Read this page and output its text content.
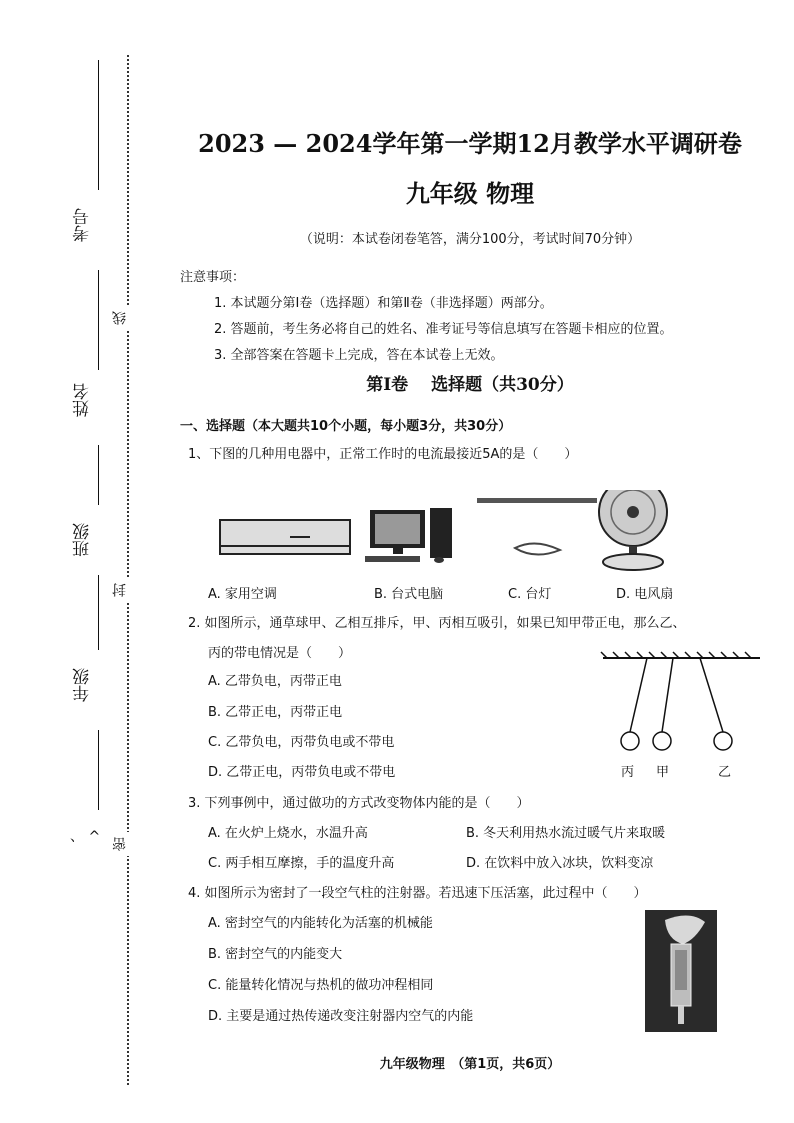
考号
姓名
班级
年级
、 ^
线
封
密
2023 — 2024学年第一学期12月教学水平调研卷
九年级 物理
（说明：本试卷闭卷笔答，满分100分，考试时间70分钟）
注意事项：
1. 本试题分第Ⅰ卷（选择题）和第Ⅱ卷（非选择题）两部分。
2. 答题前，考生务必将自己的姓名、准考证号等信息填写在答题卡相应的位置。
3. 全部答案在答题卡上完成，答在本试卷上无效。
第Ⅰ卷　 选择题（共30分）
一、选择题（本大题共10个小题，每小题3分，共30分）
1、下图的几种用电器中，正常工作时的电流最接近5A的是（　　）
A. 家用空调	B. 台式电脑	C. 台灯	D. 电风扇
2. 如图所示，通草球甲、乙相互排斥，甲、丙相互吸引，如果已知甲带正电，那么乙、
丙的带电情况是（　　）
A. 乙带负电，丙带正电
B. 乙带正电，丙带正电
C. 乙带负电，丙带负电或不带电
D. 乙带正电，丙带负电或不带电	丙 甲	乙
3. 下列事例中，通过做功的方式改变物体内能的是（　　）
A. 在火炉上烧水，水温升高	B. 冬天利用热水流过暖气片来取暖
C. 两手相互摩擦，手的温度升高	D. 在饮料中放入冰块，饮料变凉
4. 如图所示为密封了一段空气柱的注射器。若迅速下压活塞，此过程中（　　）
A. 密封空气的内能转化为活塞的机械能
B. 密封空气的内能变大
C. 能量转化情况与热机的做功冲程相同
D. 主要是通过热传递改变注射器内空气的内能
九年级物理　（第1页，共6页）
